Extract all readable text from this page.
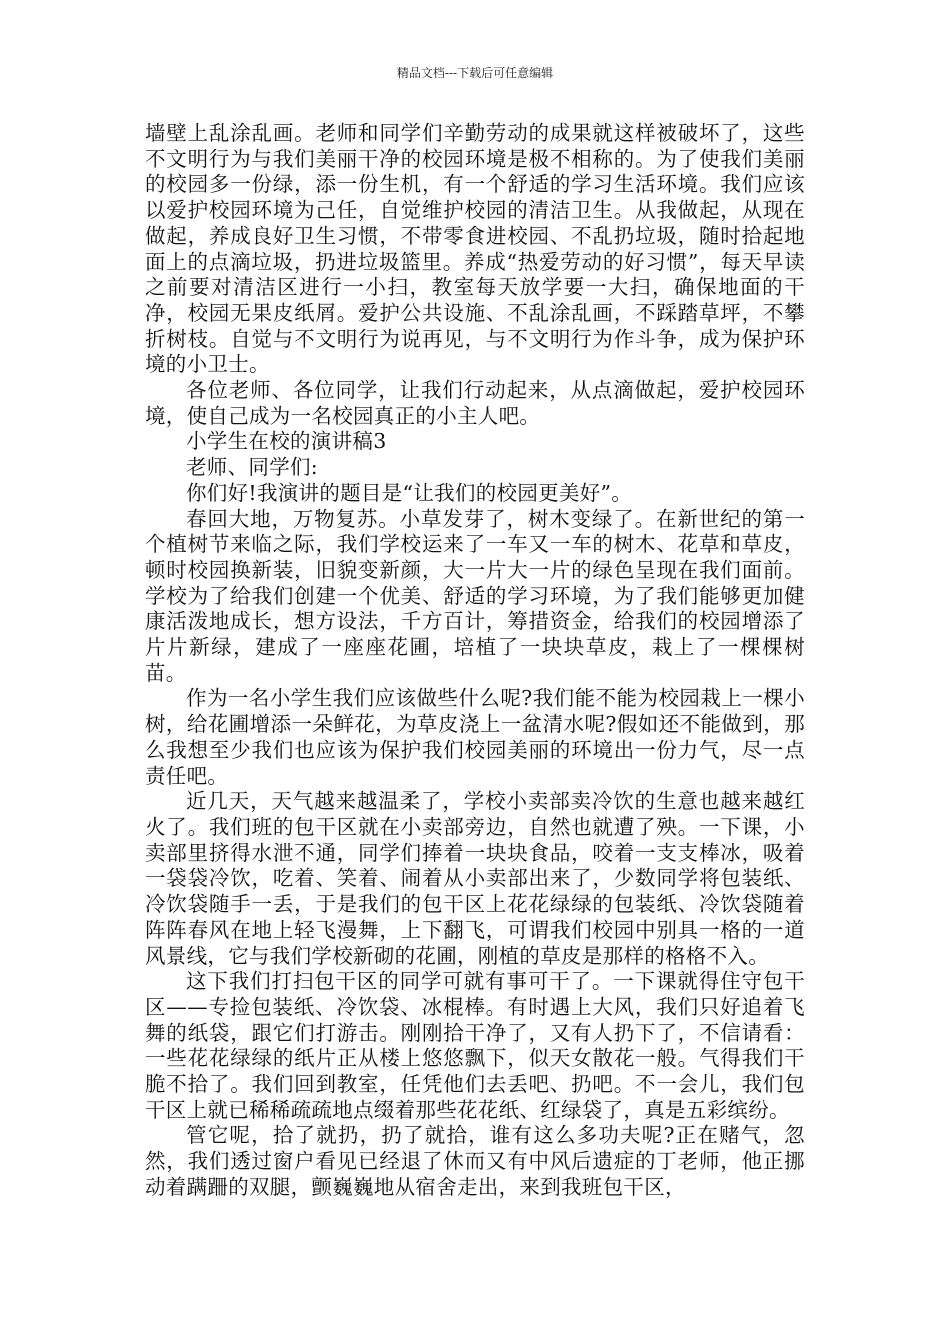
精品文档---下载后可任意编辑

墙壁上乱涂乱画。老师和同学们辛勤劳动的成果就这样被破坏了，这些不文明行为与我们美丽干净的校园环境是极不相称的。为了使我们美丽的校园多一份绿，添一份生机，有一个舒适的学习生活环境。我们应该以爱护校园环境为己任，自觉维护校园的清洁卫生。从我做起，从现在做起，养成良好卫生习惯，不带零食进校园、不乱扔垃圾，随时拾起地面上的点滴垃圾，扔进垃圾篮里。养成“热爱劳动的好习惯”，每天早读之前要对清洁区进行一小扫，教室每天放学要一大扫，确保地面的干净，校园无果皮纸屑。爱护公共设施、不乱涂乱画，不踩踏草坪，不攀折树枝。自觉与不文明行为说再见，与不文明行为作斗争，成为保护环境的小卫士。

各位老师、各位同学，让我们行动起来，从点滴做起，爱护校园环境，使自己成为一名校园真正的小主人吧。

小学生在校的演讲稿3

老师、同学们:

你们好!我演讲的题目是“让我们的校园更美好”。

春回大地，万物复苏。小草发芽了，树木变绿了。在新世纪的第一个植树节来临之际，我们学校运来了一车又一车的树木、花草和草皮，顿时校园换新装，旧貌变新颜，大一片大一片的绿色呈现在我们面前。学校为了给我们创建一个优美、舒适的学习环境，为了我们能够更加健康活泼地成长，想方设法，千方百计，筹措资金，给我们的校园增添了片片新绿，建成了一座座花圃，培植了一块块草皮，栽上了一棵棵树苗。

作为一名小学生我们应该做些什么呢?我们能不能为校园栽上一棵小树，给花圃增添一朵鲜花，为草皮浇上一盆清水呢?假如还不能做到，那么我想至少我们也应该为保护我们校园美丽的环境出一份力气，尽一点责任吧。

近几天，天气越来越温柔了，学校小卖部卖冷饮的生意也越来越红火了。我们班的包干区就在小卖部旁边，自然也就遭了殃。一下课，小卖部里挤得水泄不通，同学们捧着一块块食品，咬着一支支棒冰，吸着一袋袋冷饮，吃着、笑着、闹着从小卖部出来了，少数同学将包装纸、冷饮袋随手一丢，于是我们的包干区上花花绿绿的包装纸、冷饮袋随着阵阵春风在地上轻飞漫舞，上下翻飞，可谓我们校园中别具一格的一道风景线，它与我们学校新砌的花圃，刚植的草皮是那样的格格不入。

这下我们打扫包干区的同学可就有事可干了。一下课就得住守包干区——专捡包装纸、冷饮袋、冰棍棒。有时遇上大风，我们只好追着飞舞的纸袋，跟它们打游击。刚刚拾干净了，又有人扔下了，不信请看：一些花花绿绿的纸片正从楼上悠悠飘下，似天女散花一般。气得我们干脆不拾了。我们回到教室，任凭他们去丢吧、扔吧。不一会儿，我们包干区上就已稀稀疏疏地点缀着那些花花纸、红绿袋了，真是五彩缤纷。

管它呢，拾了就扔，扔了就拾，谁有这么多功夫呢?正在赌气，忽然，我们透过窗户看见已经退了休而又有中风后遗症的丁老师，他正挪动着蹒跚的双腿，颤巍巍地从宿舍走出，来到我班包干区，
